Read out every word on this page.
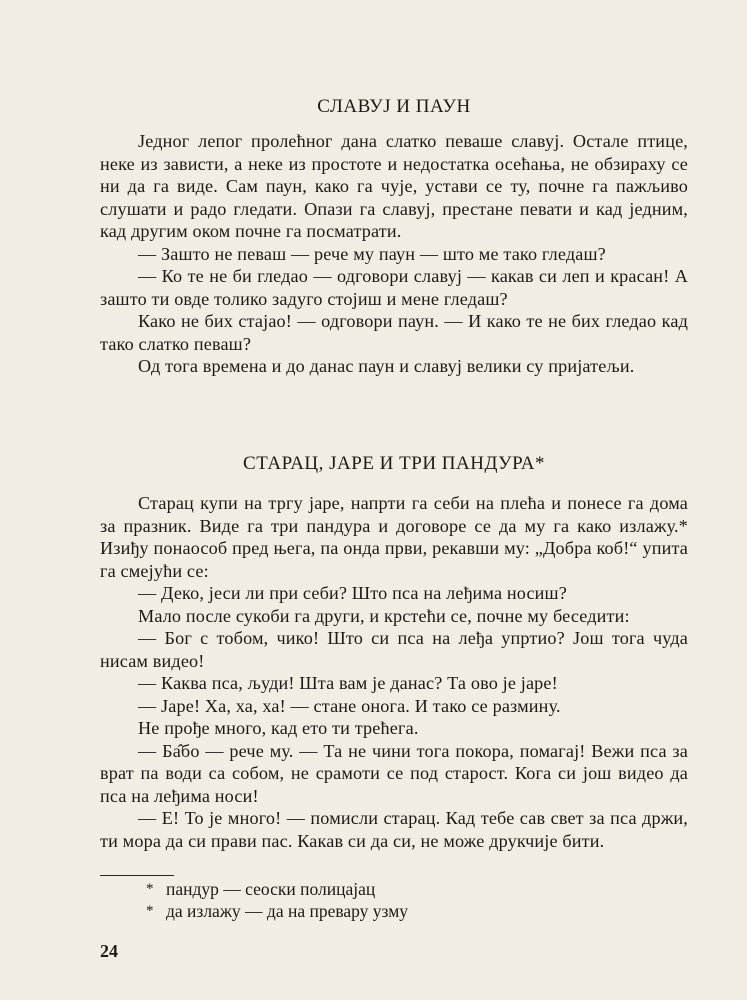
СЛАВУЈ И ПАУН

Једног лепог пролећног дана слатко певаше славуј. Остале птице, неке из зависти, а неке из простоте и недостатка осећања, не обзираху се ни да га виде. Сам паун, како га чује, устави се ту, почне га пажљиво слушати и радо гледати. Опази га славуј, престане певати и кад једним, кад другим оком почне га посматрати.

— Зашто не певаш — рече му паун — што ме тако гледаш?

— Ко те не би гледао — одговори славуј — какав си леп и красан! А зашто ти овде толико задуго стојиш и мене гледаш?

Како не бих стајао! — одговори паун. — И како те не бих гледао кад тако слатко певаш?

Од тога времена и до данас паун и славуј велики су пријатељи.

СТАРАЦ, ЈАРЕ И ТРИ ПАНДУРА*

Старац купи на тргу јаре, напрти га себи на плећа и понесе га дома за празник. Виде га три пандура и договоре се да му га како излажу.* Изиђу понаособ пред њега, па онда први, рекавши му: „Добра коб!“ упита га смејући се:

— Деко, јеси ли при себи? Што пса на леђима носиш?

Мало после сукоби га други, и крстећи се, почне му беседити:

— Бог с тобом, чико! Што си пса на леђа упртио? Још тога чуда нисам видео!

— Каква пса, људи! Шта вам је данас? Та ово је јаре!

— Јаре! Ха, ха, ха! — стане онога. И тако се размину.

Не прође много, кад ето ти трећега.

— Ба̂бо — рече му. — Та не чини тога покора, помагај! Вежи пса за врат па води са собом, не срамоти се под старост. Кога си још видео да пса на леђима носи!

— Е! То је много! — помисли старац. Кад тебе сав свет за пса држи, ти мора да си прави пас. Какав си да си, не може друкчије бити.

* пандур — сеоски полицајац
* да излажу — да на превару узму
24
